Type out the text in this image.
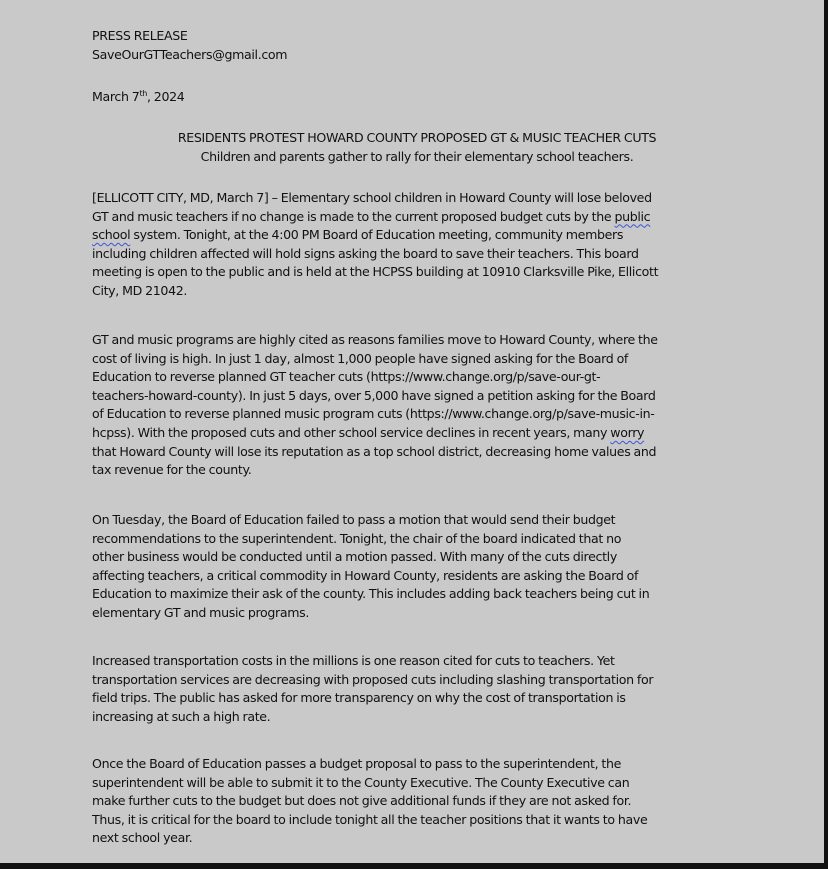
PRESS RELEASE
SaveOurGTTeachers@gmail.com
March 7th, 2024
RESIDENTS PROTEST HOWARD COUNTY PROPOSED GT & MUSIC TEACHER CUTS
Children and parents gather to rally for their elementary school teachers.
[ELLICOTT CITY, MD, March 7] – Elementary school children in Howard County will lose beloved
GT and music teachers if no change is made to the current proposed budget cuts by the public
school system. Tonight, at the 4:00 PM Board of Education meeting, community members
including children affected will hold signs asking the board to save their teachers. This board
meeting is open to the public and is held at the HCPSS building at 10910 Clarksville Pike, Ellicott
City, MD 21042.
GT and music programs are highly cited as reasons families move to Howard County, where the
cost of living is high. In just 1 day, almost 1,000 people have signed asking for the Board of
Education to reverse planned GT teacher cuts (https://www.change.org/p/save-our-gt-
teachers-howard-county). In just 5 days, over 5,000 have signed a petition asking for the Board
of Education to reverse planned music program cuts (https://www.change.org/p/save-music-in-
hcpss). With the proposed cuts and other school service declines in recent years, many worry
that Howard County will lose its reputation as a top school district, decreasing home values and
tax revenue for the county.
On Tuesday, the Board of Education failed to pass a motion that would send their budget
recommendations to the superintendent. Tonight, the chair of the board indicated that no
other business would be conducted until a motion passed. With many of the cuts directly
affecting teachers, a critical commodity in Howard County, residents are asking the Board of
Education to maximize their ask of the county. This includes adding back teachers being cut in
elementary GT and music programs.
Increased transportation costs in the millions is one reason cited for cuts to teachers. Yet
transportation services are decreasing with proposed cuts including slashing transportation for
field trips. The public has asked for more transparency on why the cost of transportation is
increasing at such a high rate.
Once the Board of Education passes a budget proposal to pass to the superintendent, the
superintendent will be able to submit it to the County Executive. The County Executive can
make further cuts to the budget but does not give additional funds if they are not asked for.
Thus, it is critical for the board to include tonight all the teacher positions that it wants to have
next school year.
